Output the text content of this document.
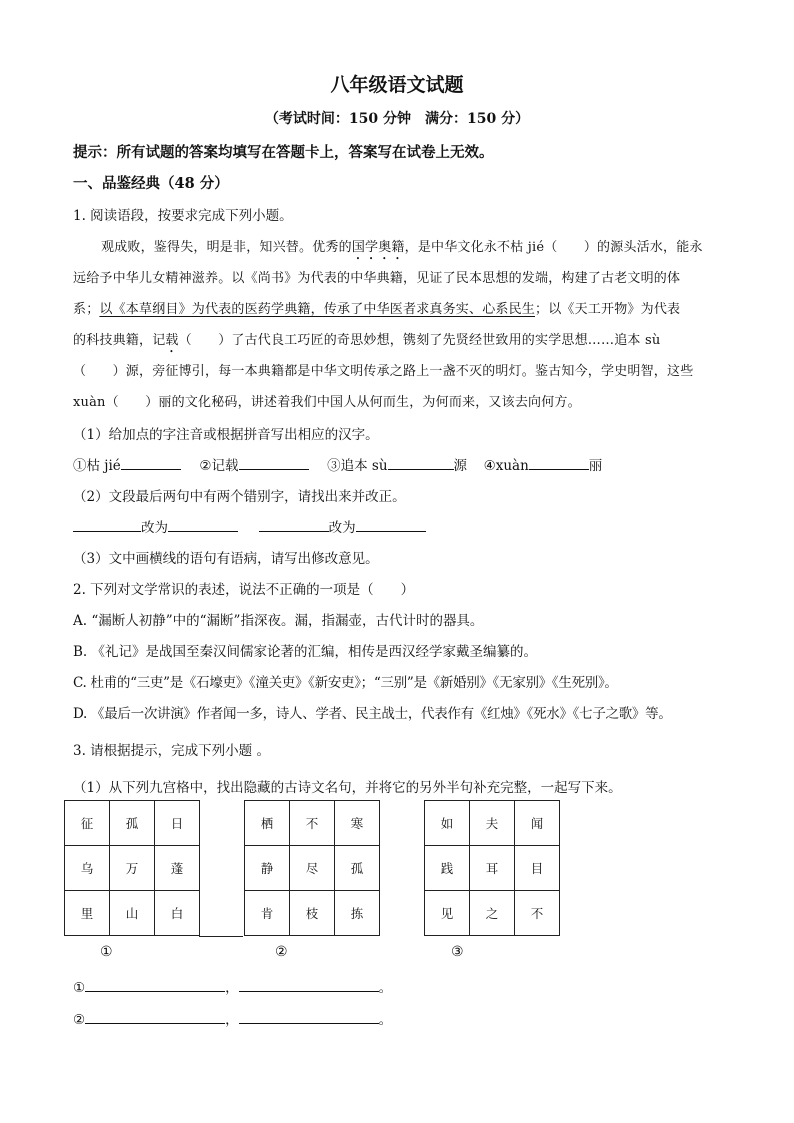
八年级语文试题
（考试时间：150 分钟　满分：150 分）
提示：所有试题的答案均填写在答题卡上，答案写在试卷上无效。
一、品鉴经典（48 分）
1. 阅读语段，按要求完成下列小题。
观成败，鉴得失，明是非，知兴替。优秀的国学奥籍，是中华文化永不枯 jié（　　）的源头活水，能永
远给予中华儿女精神滋养。以《尚书》为代表的中华典籍，见证了民本思想的发端，构建了古老文明的体
系；以《本草纲目》为代表的医药学典籍，传承了中华医者求真务实、心系民生；以《天工开物》为代表
的科技典籍，记载（　　）了古代良工巧匠的奇思妙想，镌刻了先贤经世致用的实学思想……追本 sù
（　　）源，旁征博引，每一本典籍都是中华文明传承之路上一盏不灭的明灯。鉴古知今，学史明智，这些
xuàn（　　）丽的文化秘码，讲述着我们中国人从何而生，为何而来，又该去向何方。
（1）给加点的字注音或根据拼音写出相应的汉字。
①枯 jié	②记载	③追本 sù	源 ④xuàn	丽
（2）文段最后两句中有两个错别字，请找出来并改正。
改为	改为
（3）文中画横线的语句有语病，请写出修改意见。
2. 下列对文学常识的表述，说法不正确的一项是（　　）
A. “漏断人初静”中的“漏断”指深夜。漏，指漏壶，古代计时的器具。
B. 《礼记》是战国至秦汉间儒家论著的汇编，相传是西汉经学家戴圣编纂的。
C. 杜甫的“三吏”是《石壕吏》《潼关吏》《新安吏》；“三别”是《新婚别》《无家别》《生死别》。
D. 《最后一次讲演》作者闻一多，诗人、学者、民主战士，代表作有《红烛》《死水》《七子之歌》等。
3. 请根据提示，完成下列小题 。
（1）从下列九宫格中，找出隐藏的古诗文名句，并将它的另外半句补充完整，一起写下来。
征	孤	日
乌	万	蓬
里	山	白
栖	不	寒
静	尽	孤
肯	枝	拣
如	夫	闻
践	耳	目
见	之	不
①	②	③
①	，	。
②	，	。
